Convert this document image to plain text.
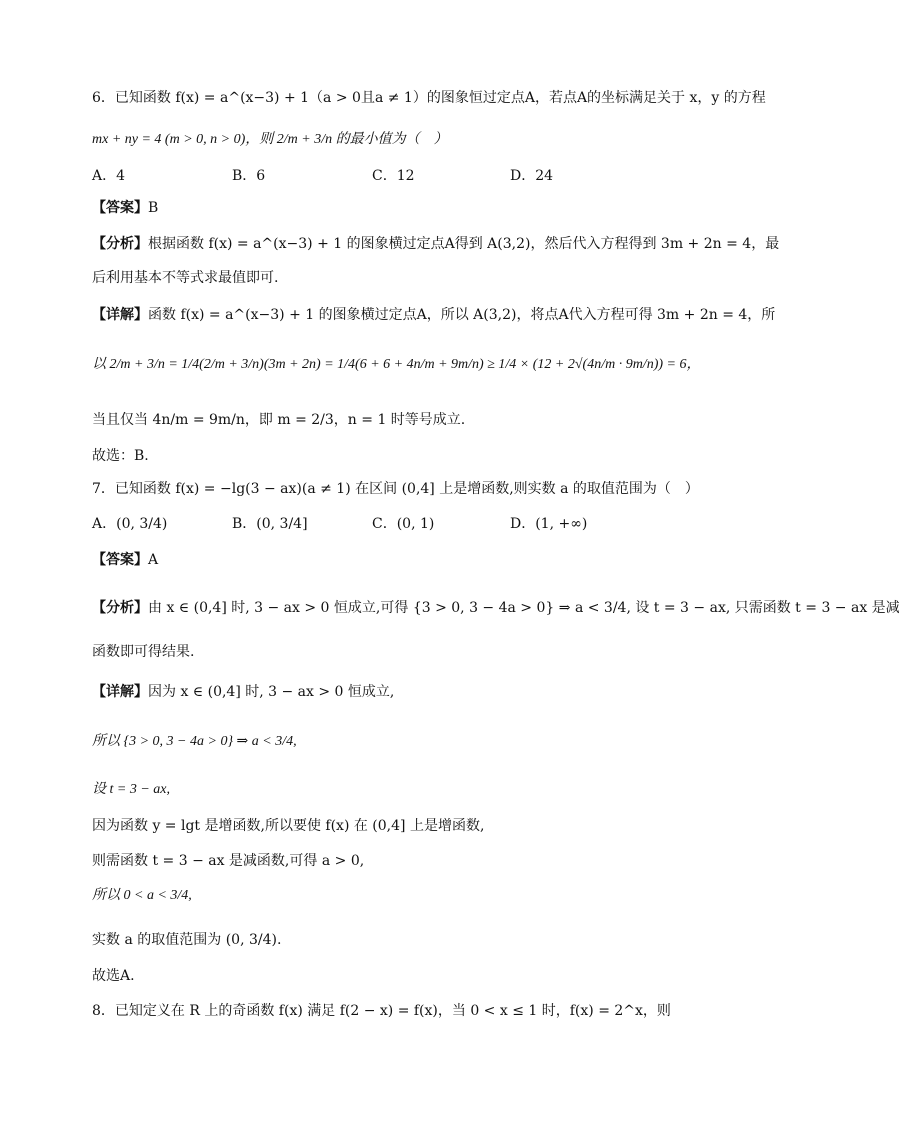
6．已知函数 f(x) = a^(x−3) + 1（a > 0且a ≠ 1）的图象恒过定点A，若点A的坐标满足关于 x，y 的方程
mx + ny = 4 (m > 0, n > 0)，则 2/m + 3/n 的最小值为（　）
A．4	B．6	C．12	D．24
【答案】B
【分析】根据函数 f(x) = a^(x−3) + 1 的图象横过定点A得到 A(3,2)，然后代入方程得到 3m + 2n = 4，最
后利用基本不等式求最值即可.
【详解】函数 f(x) = a^(x−3) + 1 的图象横过定点A，所以 A(3,2)，将点A代入方程可得 3m + 2n = 4，所
以 2/m + 3/n = 1/4(2/m + 3/n)(3m + 2n) = 1/4(6 + 6 + 4n/m + 9m/n) ≥ 1/4 × (12 + 2√(4n/m · 9m/n)) = 6，
当且仅当 4n/m = 9m/n，即 m = 2/3，n = 1 时等号成立.
故选：B.
7．已知函数 f(x) = −lg(3 − ax)(a ≠ 1) 在区间 (0,4] 上是增函数,则实数 a 的取值范围为（　）
A．(0, 3/4)	B．(0, 3/4]	C．(0, 1)	D．(1, +∞)
【答案】A
【分析】由 x ∈ (0,4] 时, 3 − ax > 0 恒成立,可得 {3 > 0, 3 − 4a > 0} ⇒ a < 3/4, 设 t = 3 − ax, 只需函数 t = 3 − ax 是减
函数即可得结果.
【详解】因为 x ∈ (0,4] 时, 3 − ax > 0 恒成立,
所以 {3 > 0, 3 − 4a > 0} ⇒ a < 3/4,
设 t = 3 − ax,
因为函数 y = lgt 是增函数,所以要使 f(x) 在 (0,4] 上是增函数,
则需函数 t = 3 − ax 是减函数,可得 a > 0,
所以 0 < a < 3/4,
实数 a 的取值范围为 (0, 3/4).
故选A.
8．已知定义在 R 上的奇函数 f(x) 满足 f(2 − x) = f(x)，当 0 < x ≤ 1 时，f(x) = 2^x，则
